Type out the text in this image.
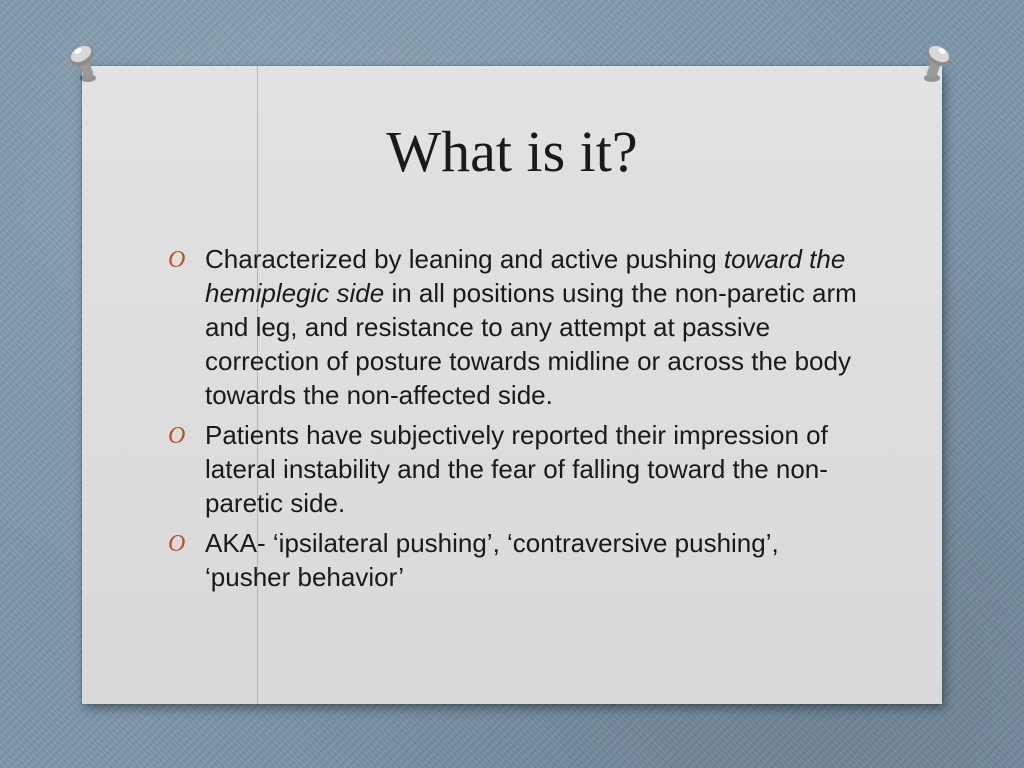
What is it?
O Characterized by leaning and active pushing toward the hemiplegic side in all positions using the non-paretic arm and leg, and resistance to any attempt at passive correction of posture towards midline or across the body towards the non-affected side.
O Patients have subjectively reported their impression of lateral instability and the fear of falling toward the non-paretic side.
O AKA- ‘ipsilateral pushing’, ‘contraversive pushing’, ‘pusher behavior’
